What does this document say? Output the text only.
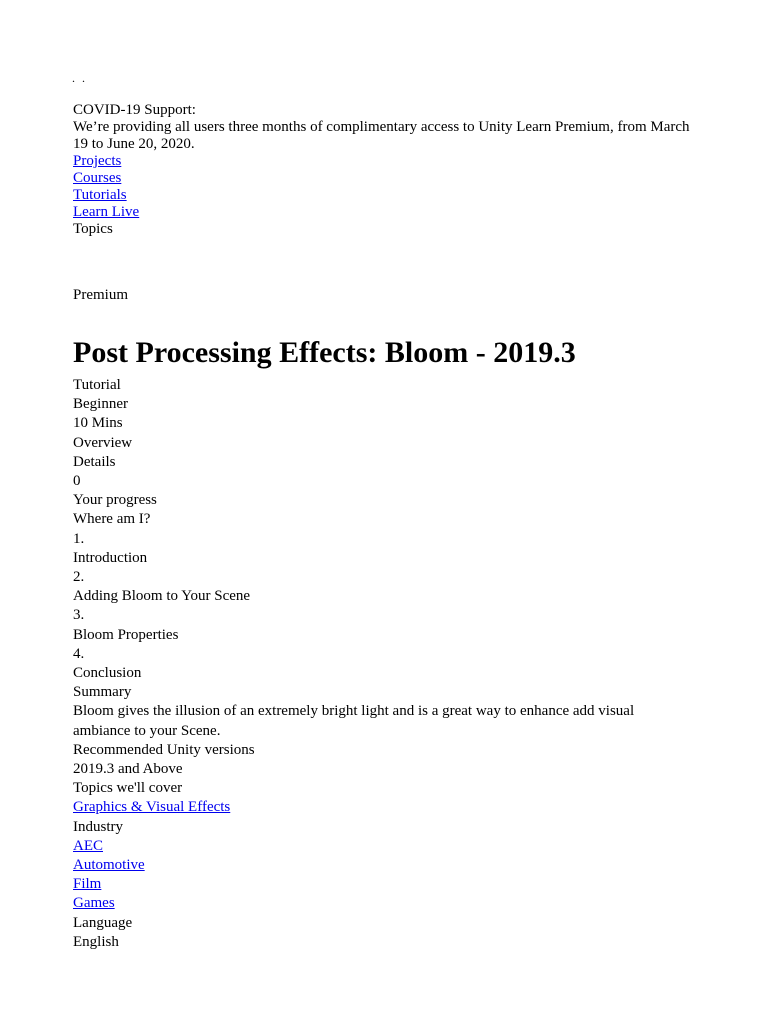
. .
COVID-19 Support:
We’re providing all users three months of complimentary access to Unity Learn Premium, from March 19 to June 20, 2020.
Projects
Courses
Tutorials
Learn Live
Topics
Premium
Post Processing Effects: Bloom - 2019.3
Tutorial
Beginner
10 Mins
Overview
Details
0
Your progress
Where am I?
1.
Introduction
2.
Adding Bloom to Your Scene
3.
Bloom Properties
4.
Conclusion
Summary
Bloom gives the illusion of an extremely bright light and is a great way to enhance add visual ambiance to your Scene.
Recommended Unity versions
2019.3 and Above
Topics we'll cover
Graphics & Visual Effects
Industry
AEC
Automotive
Film
Games
Language
English
